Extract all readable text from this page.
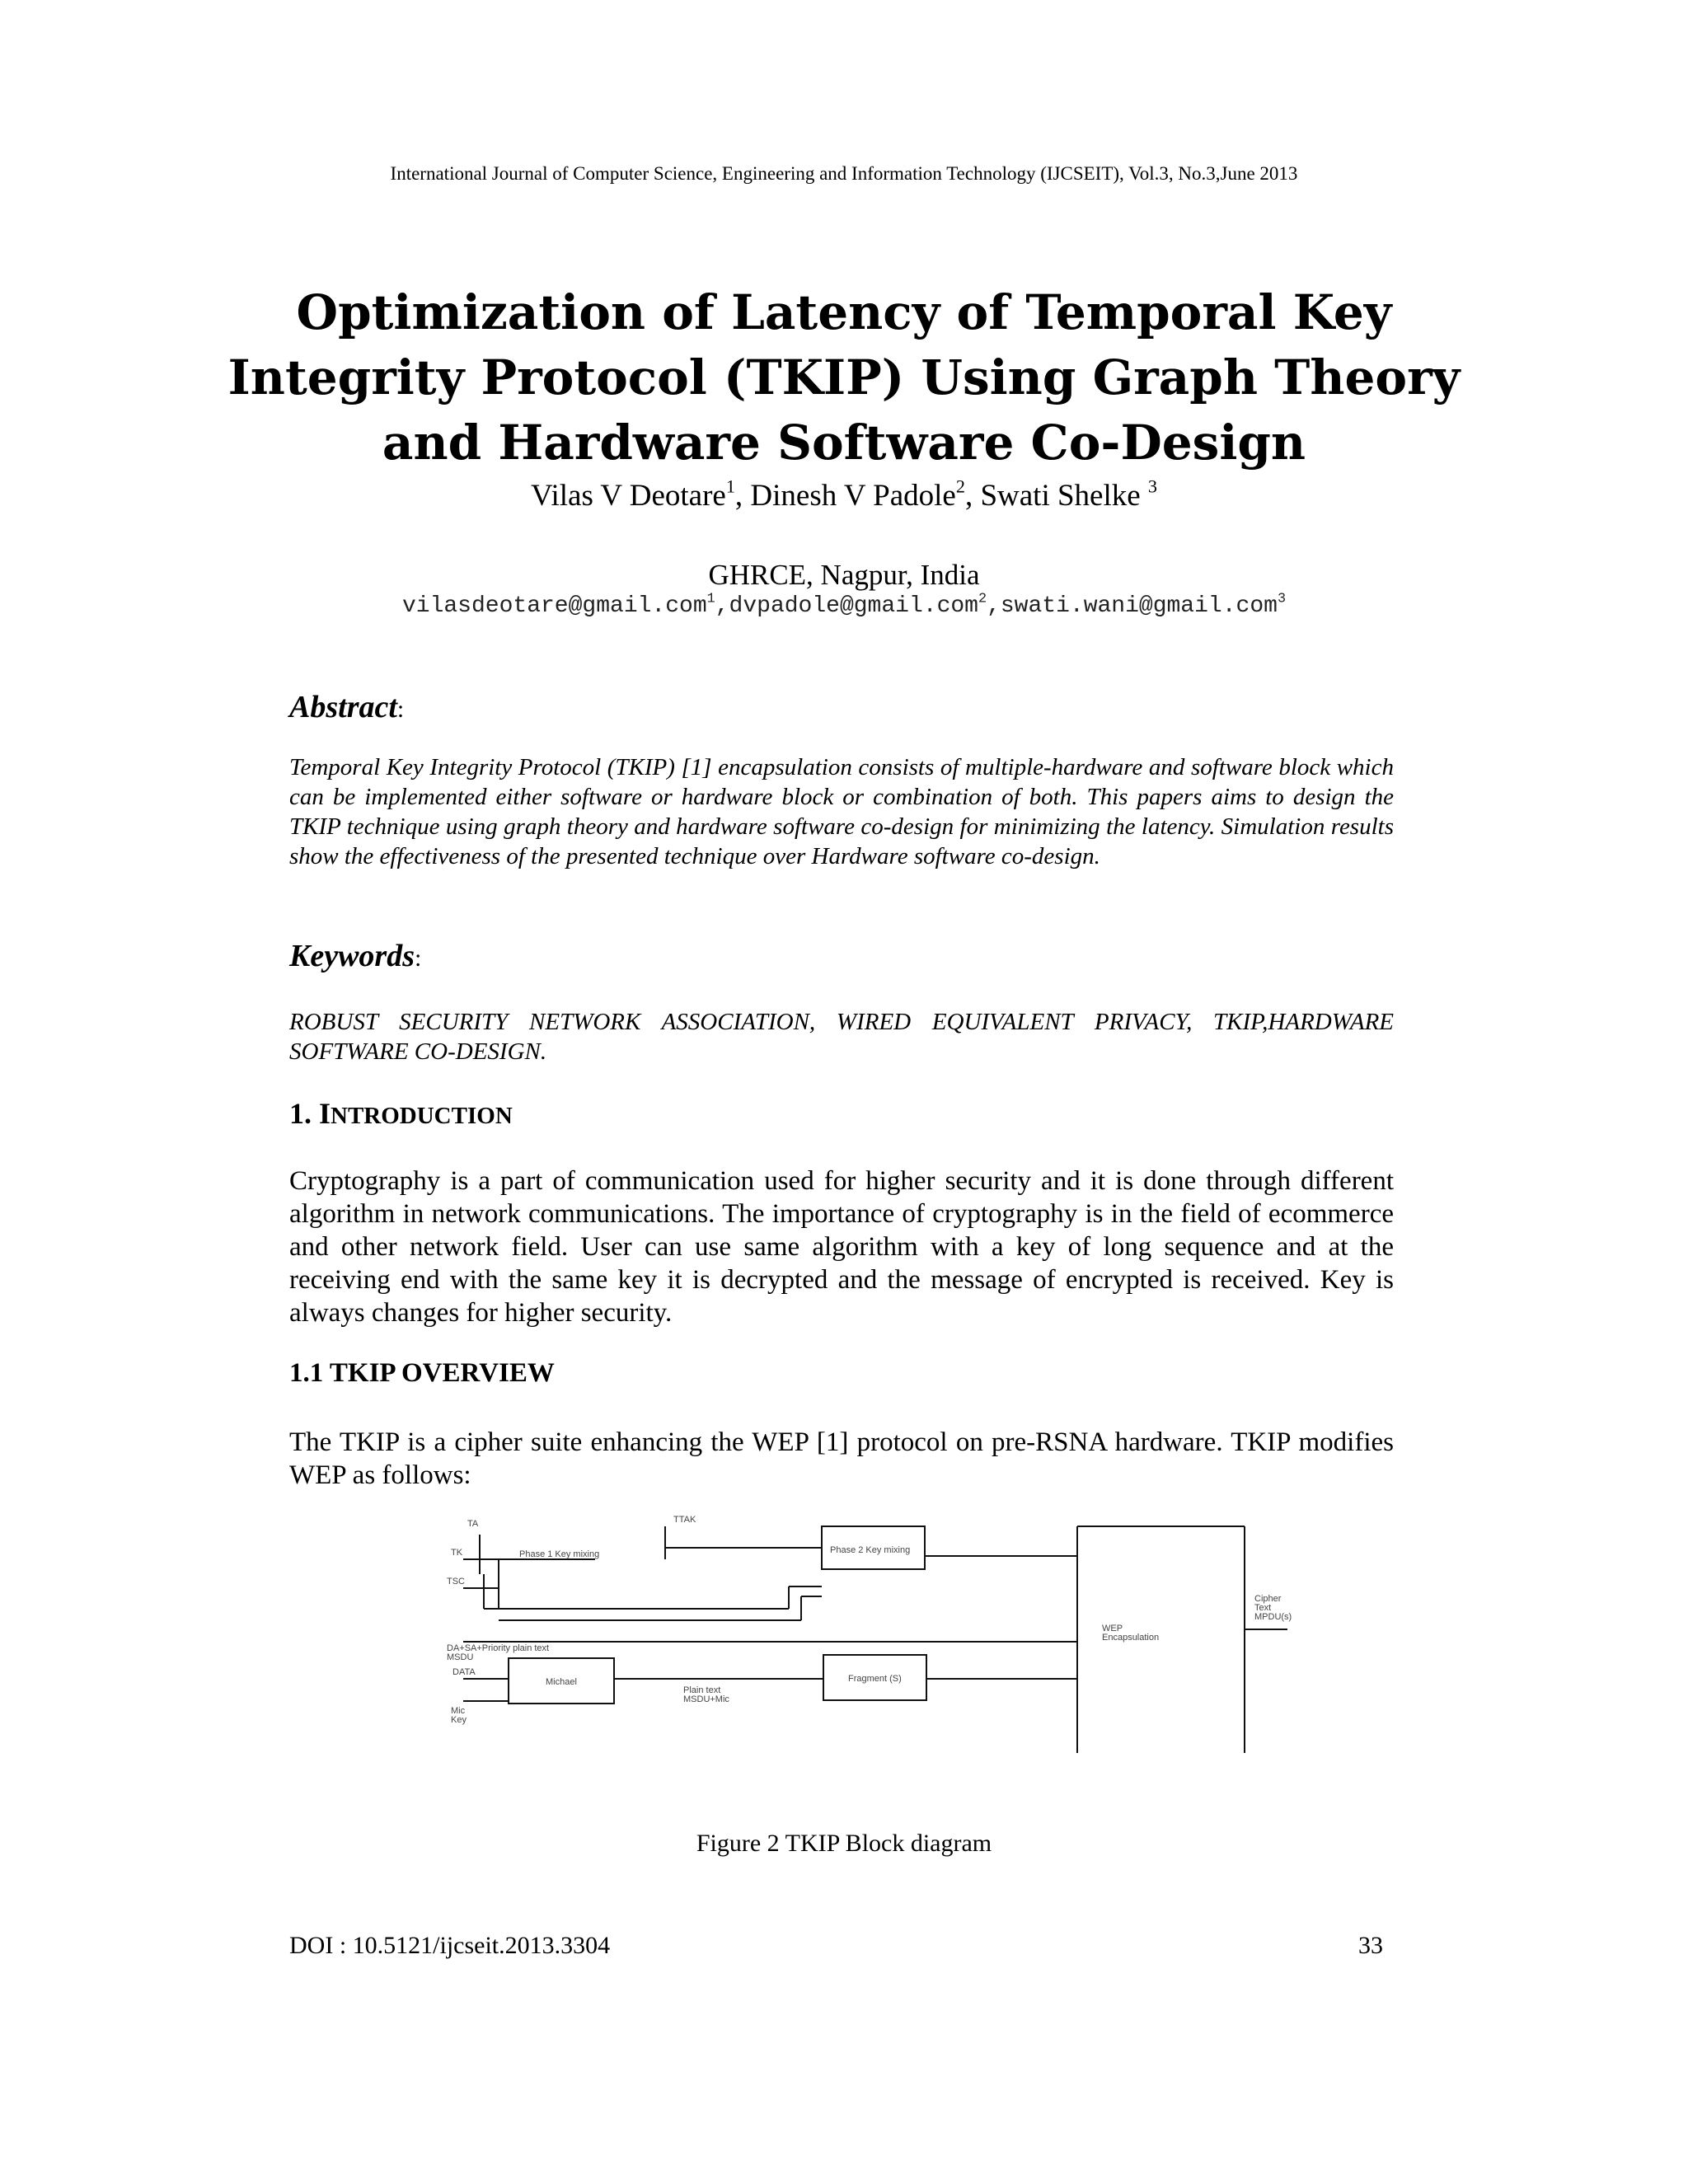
International Journal of Computer Science, Engineering and Information Technology (IJCSEIT), Vol.3, No.3,June 2013
Optimization of Latency of Temporal Key
Integrity Protocol (TKIP) Using Graph Theory
and Hardware Software Co-Design
Vilas V Deotare$^1$, Dinesh V Padole$^2$, Swati Shelke $^3$
GHRCE, Nagpur, India
vilasdeotare@gmail.com$^1$,dvpadole@gmail.com$^2$,swati.wani@gmail.com$^3$
Abstract:
Temporal Key Integrity Protocol (TKIP) [1] encapsulation consists of multiple-hardware and software block which can be implemented either software or hardware block or combination of both. This papers aims to design the TKIP technique using graph theory and hardware software co-design for minimizing the latency. Simulation results show the effectiveness of the presented technique over Hardware software co-design.
Keywords:
ROBUST SECURITY NETWORK ASSOCIATION, WIRED EQUIVALENT PRIVACY, TKIP,HARDWARE SOFTWARE CO-DESIGN.
1. INTRODUCTION
Cryptography is a part of communication used for higher security and it is done through different algorithm in network communications. The importance of cryptography is in the field of ecommerce and other network field. User can use same algorithm with a key of long sequence and at the receiving end with the same key it is decrypted and the message of encrypted is received. Key is always changes for higher security.
1.1 TKIP OVERVIEW
The TKIP is a cipher suite enhancing the WEP [1] protocol on pre-RSNA hardware. TKIP modifies WEP as follows:
TA
TK
TSC
Phase 1 Key mixing
TTAK
Phase 2 Key mixing
DA+SA+Priority plain text
MSDU
DATA
Mic
Key
Michael	Fragment (S)
Plain text
MSDU+Mic
WEP
Encapsulation
Cipher
Text
MPDU(s)
Figure 2 TKIP Block diagram
DOI : 10.5121/ijcseit.2013.3304	33
